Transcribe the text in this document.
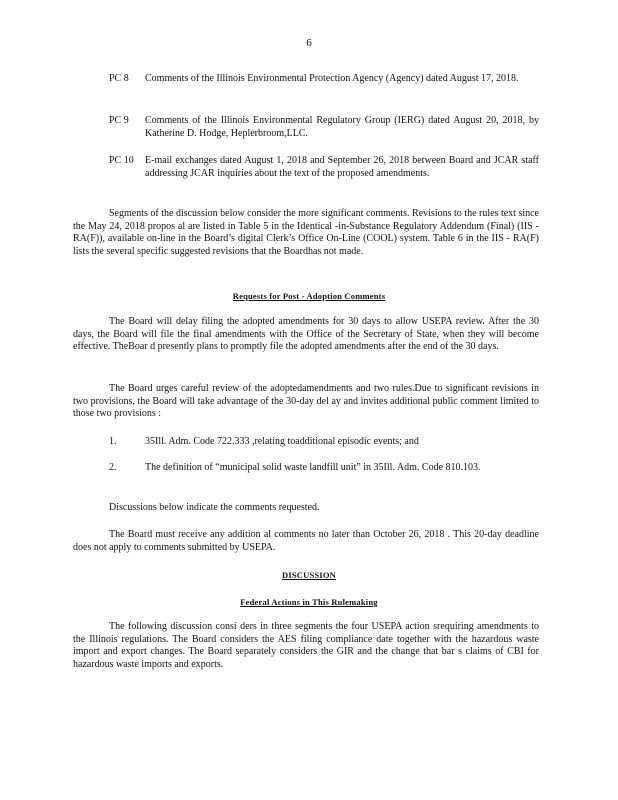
6
PC 8	Comments of the Illinois Environmental Protection Agency (Agency) dated August 17, 2018.
PC 9	Comments of the Illinois Environmental Regulatory Group (IERG) dated August 20, 2018, by Katherine D. Hodge, Heplerbroom,LLC.
PC 10	E-mail exchanges dated August 1, 2018 and September 26, 2018 between Board and JCAR staff addressing JCAR inquiries about the text of the proposed amendments.
Segments of the discussion below consider the more significant comments. Revisions to the rules text since the May 24, 2018 propos al are listed in Table 5 in the Identical -in-Substance Regulatory Addendum (Final) (IIS -RA(F)), available on-line in the Board’s digital Clerk’s Office On-Line (COOL) system. Table 6 in the IIS - RA(F) lists the several specific suggested revisions that the Boardhas not made.
Requests for Post - Adoption Comments
The Board will delay filing the adopted amendments for 30 days to allow USEPA review. After the 30 days, the Board will file the final amendments with the Office of the Secretary of State, when they will become effective. TheBoar d presently plans to promptly file the adopted amendments after the end of the 30 days.
The Board urges careful review of the adoptedamendments and two rules.Due to significant revisions in two provisions, the Board will take advantage of the 30-day del ay and invites additional public comment limited to those two provisions :
1.	35Ill. Adm. Code 722.333 ,relating toadditional episodic events; and
2.	The definition of “municipal solid waste landfill unit” in 35Ill. Adm. Code 810.103.
Discussions below indicate the comments requested.
The Board must receive any addition al comments no later than October 26, 2018 . This 20-day deadline does not apply to comments submitted by USEPA.
DISCUSSION
Federal Actions in This Rulemaking
The following discussion consi ders in three segments the four USEPA action srequiring amendments to the Illinois regulations. The Board considers the AES filing compliance date together with the hazardous waste import and export changes. The Board separately considers the GIR and the change that bar s claims of CBI for hazardous waste imports and exports.
